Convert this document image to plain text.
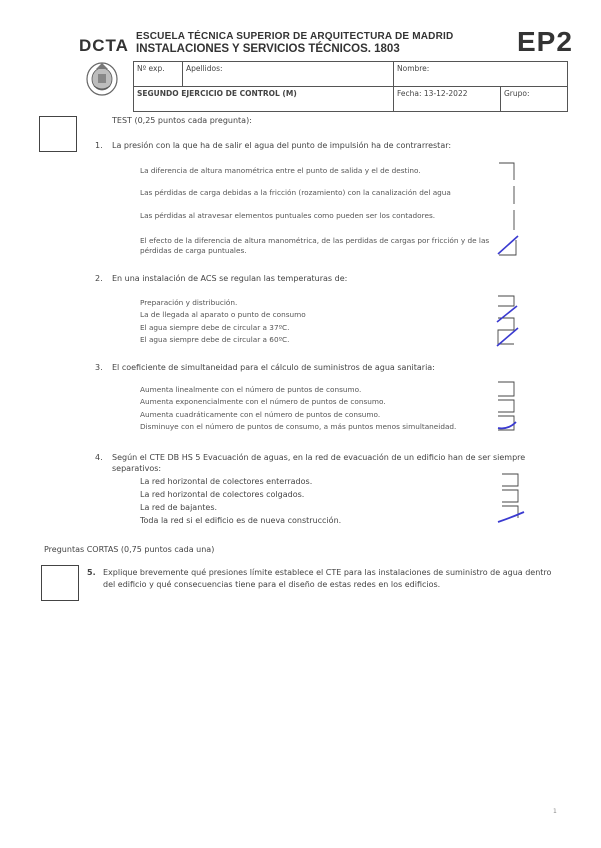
DCTA ESCUELA TÉCNICA SUPERIOR DE ARQUITECTURA DE MADRID
INSTALACIONES Y SERVICIOS TÉCNICOS. 1803	EP2
Nº exp.	Apellidos:	Nombre:	
SEGUNDO EJERCICIO DE CONTROL (M)		Fecha: 13-12-2022	Grupo:
TEST (0,25 puntos cada pregunta):
1. La presión con la que ha de salir el agua del punto de impulsión ha de contrarrestar:
La diferencia de altura manométrica entre el punto de salida y el de destino.
Las pérdidas de carga debidas a la fricción (rozamiento) con la canalización del agua
Las pérdidas al atravesar elementos puntuales como pueden ser los contadores.
El efecto de la diferencia de altura manométrica, de las perdidas de cargas por fricción y de las
pérdidas de carga puntuales.
2. En una instalación de ACS se regulan las temperaturas de:
Preparación y distribución.
La de llegada al aparato o punto de consumo
El agua siempre debe de circular a 37ºC.
El agua siempre debe de circular a 60ºC.
3. El coeficiente de simultaneidad para el cálculo de suministros de agua sanitaria:
Aumenta linealmente con el número de puntos de consumo.
Aumenta exponencialmente con el número de puntos de consumo.
Aumenta cuadráticamente con el número de puntos de consumo.
Disminuye con el número de puntos de consumo, a más puntos menos simultaneidad.
4. Según el CTE DB HS 5 Evacuación de aguas, en la red de evacuación de un edificio han de ser siempre
separativos:
La red horizontal de colectores enterrados.
La red horizontal de colectores colgados.
La red de bajantes.
Toda la red si el edificio es de nueva construcción.
Preguntas CORTAS (0,75 puntos cada una)
5. Explique brevemente qué presiones límite establece el CTE para las instalaciones de suministro de agua dentro
del edificio y qué consecuencias tiene para el diseño de estas redes en los edificios.
1
